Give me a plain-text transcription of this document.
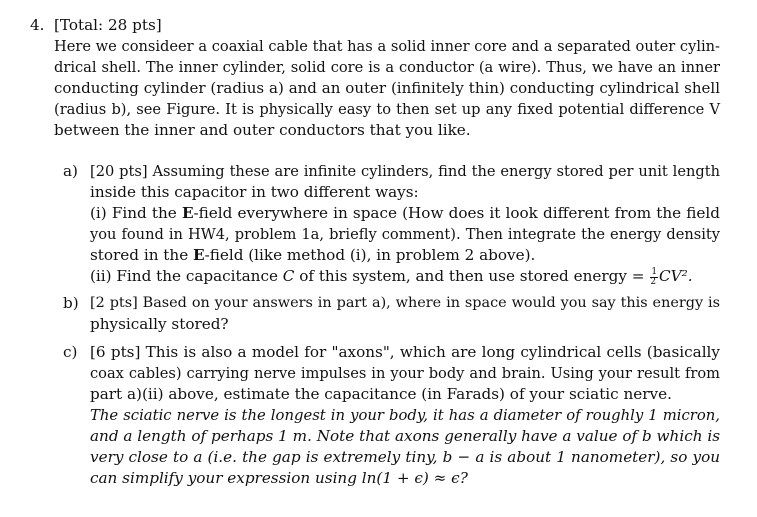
4. [Total: 28 pts]
Here we consideer a coaxial cable that has a solid inner core and a separated outer cylin-
drical shell. The inner cylinder, solid core is a conductor (a wire). Thus, we have an inner
conducting cylinder (radius a) and an outer (infinitely thin) conducting cylindrical shell
(radius b), see Figure. It is physically easy to then set up any fixed potential difference V
between the inner and outer conductors that you like.
a) [20 pts] Assuming these are infinite cylinders, find the energy stored per unit length
inside this capacitor in two different ways:
(i) Find the E-field everywhere in space (How does it look different from the field
you found in HW4, problem 1a, briefly comment). Then integrate the energy density
stored in the E-field (like method (i), in problem 2 above).
(ii) Find the capacitance C of this system, and then use stored energy = $\frac{1}{2} CV^2$.
b) [2 pts] Based on your answers in part a), where in space would you say this energy is
physically stored?
c) [6 pts] This is also a model for "axons", which are long cylindrical cells (basically
coax cables) carrying nerve impulses in your body and brain. Using your result from
part a)(ii) above, estimate the capacitance (in Farads) of your sciatic nerve.
The sciatic nerve is the longest in your body, it has a diameter of roughly 1 micron,
and a length of perhaps 1 m. Note that axons generally have a value of b which is
very close to a (i.e. the gap is extremely tiny, b − a is about 1 nanometer), so you
can simplify your expression using ln(1 + ϵ) ≈ ϵ?
